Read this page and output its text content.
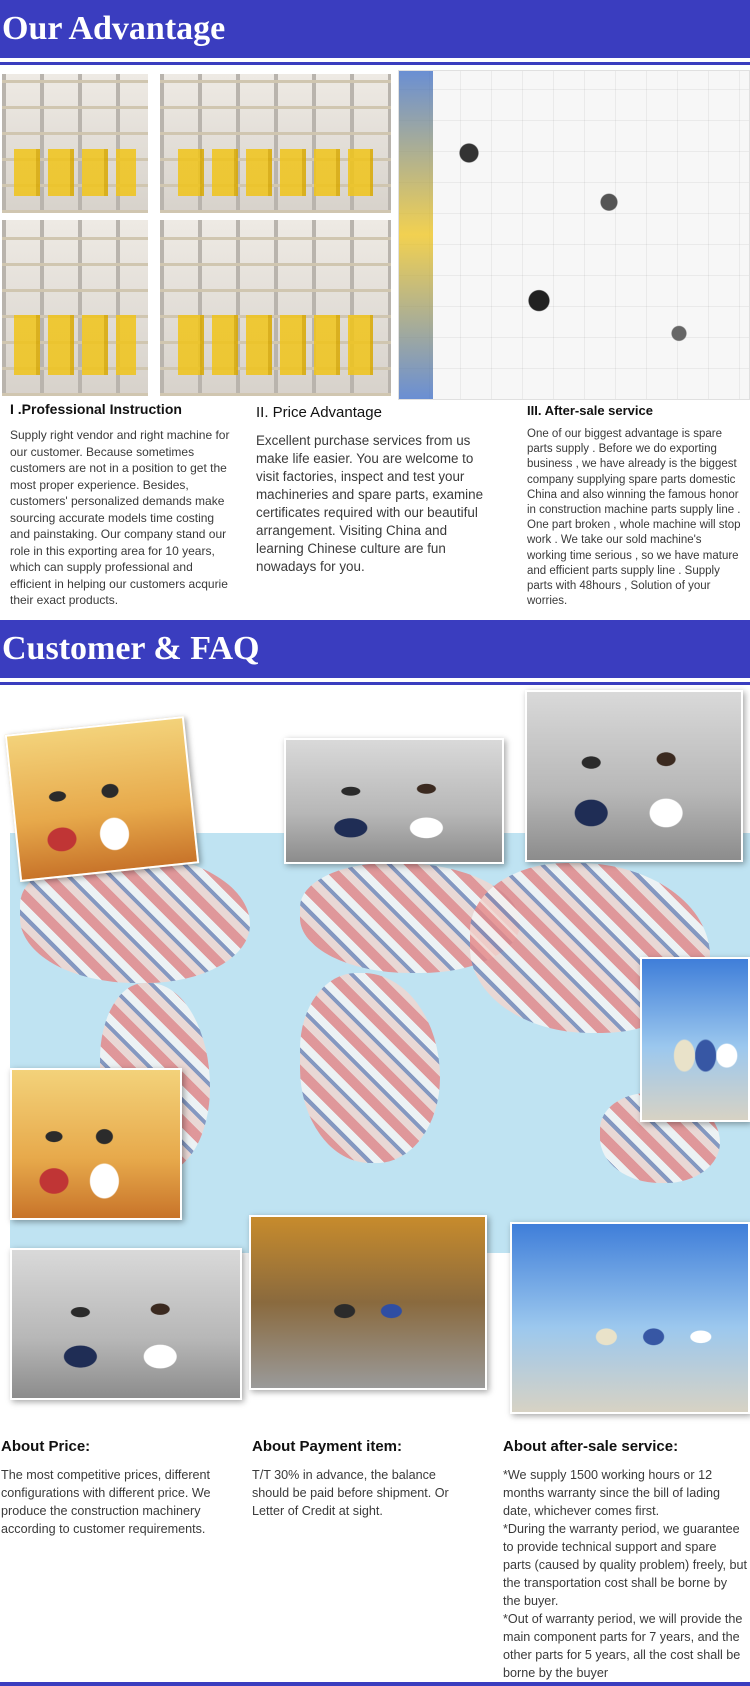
Our Advantage
I .Professional Instruction
Supply right vendor and right machine for our customer. Because sometimes customers are not in a position to get the most proper experience. Besides, customers' personalized demands make sourcing accurate models time costing and painstaking. Our company stand our role in this exporting area for 10 years, which can supply professional and efficient in helping our customers acqurie their exact products.
II. Price Advantage
Excellent purchase services from us make life easier. You are welcome to visit factories, inspect and test your machineries and spare parts, examine certificates required with our beautiful arrangement. Visiting China and learning Chinese culture are fun nowadays for you.
III. After-sale service
One of our biggest advantage is spare parts supply . Before we do exporting business , we have already is the biggest company supplying spare parts domestic China and also winning the famous honor in construction machine parts supply line . One part broken , whole machine will stop work . We take our sold machine's working time serious , so we have mature and efficient parts supply line . Supply parts with 48hours , Solution of your worries.
Customer & FAQ
About Price:
The most competitive prices, different configurations with different price. We produce the construction machinery according to customer requirements.
About Payment item:
T/T 30% in advance, the balance should be paid before shipment. Or Letter of Credit at sight.
About after-sale service:
*We supply 1500 working hours or 12 months warranty since the bill of lading date, whichever comes first.
*During the warranty period, we guarantee to provide technical support and spare parts (caused by quality problem) freely, but the transportation cost shall be borne by the buyer.
*Out of warranty period, we will provide the main component parts for 7 years, and the other parts for 5 years, all the cost shall be borne by the buyer
